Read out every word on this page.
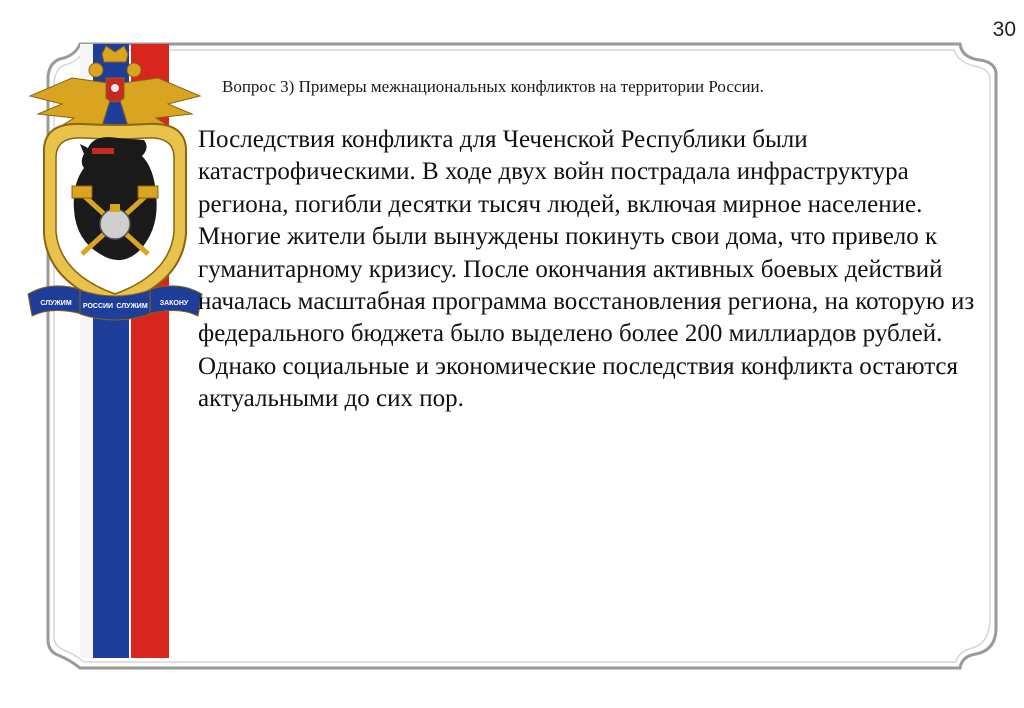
СЛУЖИМ РОССИИ СЛУЖИМ ЗАКОНУ
30
Вопрос 3) Примеры межнациональных конфликтов на территории России.

Последствия конфликта для Чеченской Республики были катастрофическими. В ходе двух войн пострадала инфраструктура региона, погибли десятки тысяч людей, включая мирное население. Многие жители были вынуждены покинуть свои дома, что привело к гуманитарному кризису. После окончания активных боевых действий началась масштабная программа восстановления региона, на которую из федерального бюджета было выделено более 200 миллиардов рублей. Однако социальные и экономические последствия конфликта остаются актуальными до сих пор.
